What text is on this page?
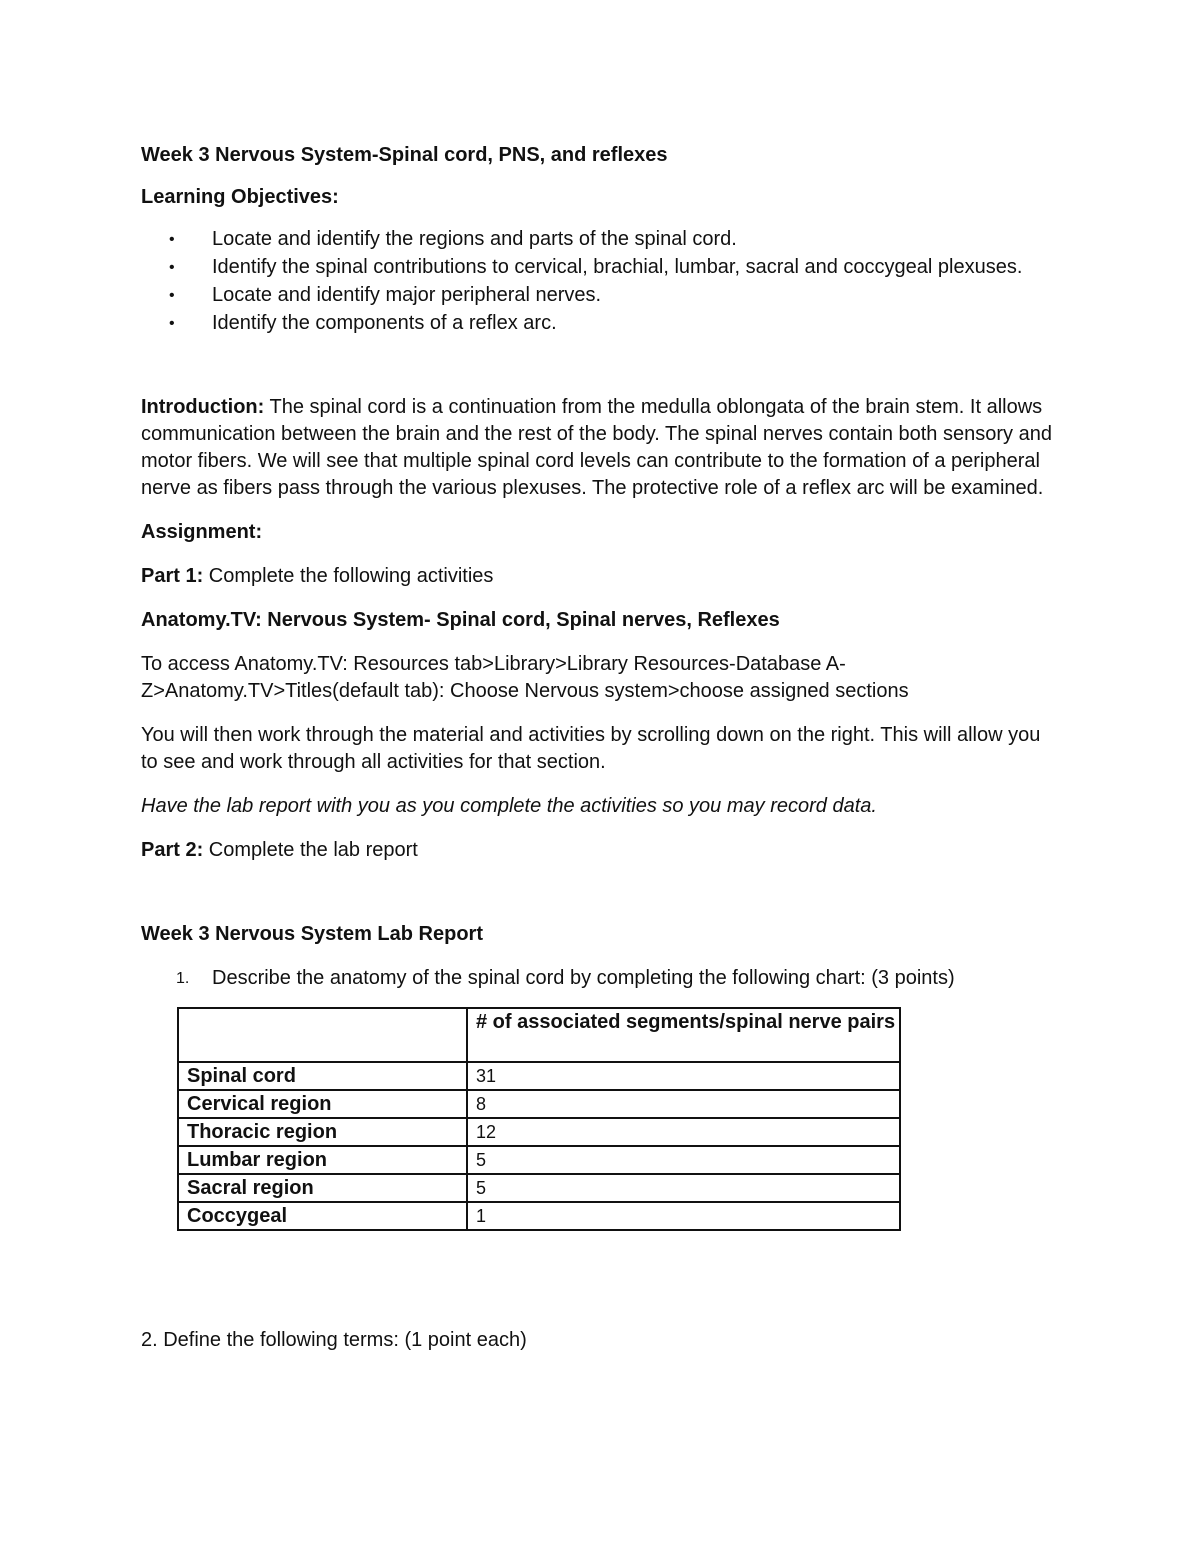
Week 3 Nervous System-Spinal cord, PNS, and reflexes

Learning Objectives:

• Locate and identify the regions and parts of the spinal cord.
• Identify the spinal contributions to cervical, brachial, lumbar, sacral and coccygeal plexuses.
• Locate and identify major peripheral nerves.
• Identify the components of a reflex arc.

Introduction: The spinal cord is a continuation from the medulla oblongata of the brain stem. It allows communication between the brain and the rest of the body. The spinal nerves contain both sensory and motor fibers. We will see that multiple spinal cord levels can contribute to the formation of a peripheral nerve as fibers pass through the various plexuses. The protective role of a reflex arc will be examined.

Assignment:

Part 1: Complete the following activities

Anatomy.TV: Nervous System- Spinal cord, Spinal nerves, Reflexes

To access Anatomy.TV: Resources tab>Library>Library Resources-Database A-Z>Anatomy.TV>Titles(default tab): Choose Nervous system>choose assigned sections

You will then work through the material and activities by scrolling down on the right. This will allow you to see and work through all activities for that section.

Have the lab report with you as you complete the activities so you may record data.

Part 2: Complete the lab report

Week 3 Nervous System Lab Report

1. Describe the anatomy of the spinal cord by completing the following chart: (3 points)

	# of associated segments/spinal nerve pairs
Spinal cord	31
Cervical region	8
Thoracic region	12
Lumbar region	5
Sacral region	5
Coccygeal	1

2. Define the following terms: (1 point each)
